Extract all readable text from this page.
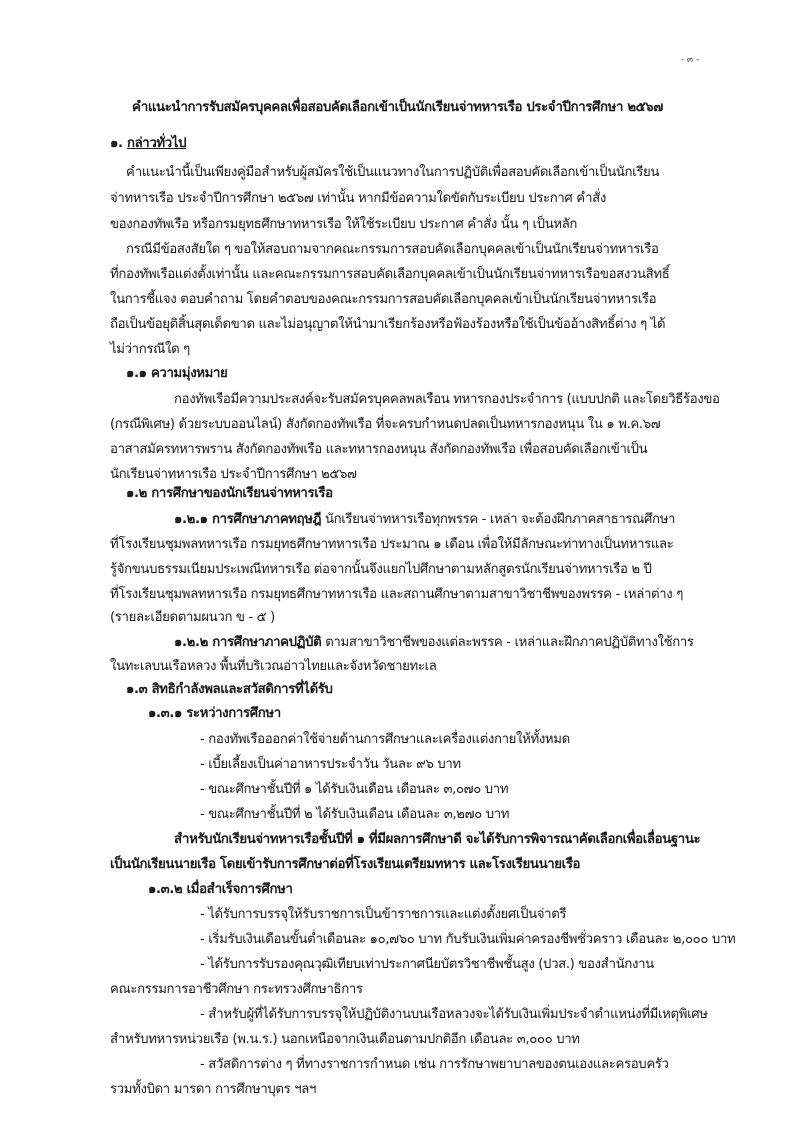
- ๓ -
คำแนะนำการรับสมัครบุคคลเพื่อสอบคัดเลือกเข้าเป็นนักเรียนจ่าทหารเรือ ประจำปีการศึกษา ๒๕๖๗
๑. กล่าวทั่วไป
คำแนะนำนี้เป็นเพียงคู่มือสำหรับผู้สมัครใช้เป็นแนวทางในการปฏิบัติเพื่อสอบคัดเลือกเข้าเป็นนักเรียน
จ่าทหารเรือ ประจำปีการศึกษา ๒๕๖๗ เท่านั้น หากมีข้อความใดขัดกับระเบียบ ประกาศ คำสั่ง
ของกองทัพเรือ หรือกรมยุทธศึกษาทหารเรือ ให้ใช้ระเบียบ ประกาศ คำสั่ง นั้น ๆ เป็นหลัก
กรณีมีข้อสงสัยใด ๆ ขอให้สอบถามจากคณะกรรมการสอบคัดเลือกบุคคลเข้าเป็นนักเรียนจ่าทหารเรือ
ที่กองทัพเรือแต่งตั้งเท่านั้น และคณะกรรมการสอบคัดเลือกบุคคลเข้าเป็นนักเรียนจ่าทหารเรือขอสงวนสิทธิ์
ในการชี้แจง ตอบคำถาม โดยคำตอบของคณะกรรมการสอบคัดเลือกบุคคลเข้าเป็นนักเรียนจ่าทหารเรือ
ถือเป็นข้อยุติสิ้นสุดเด็ดขาด และไม่อนุญาตให้นำมาเรียกร้องหรือฟ้องร้องหรือใช้เป็นข้ออ้างสิทธิ์ต่าง ๆ ได้
ไม่ว่ากรณีใด ๆ
๑.๑ ความมุ่งหมาย
กองทัพเรือมีความประสงค์จะรับสมัครบุคคลพลเรือน ทหารกองประจำการ (แบบปกติ และโดยวิธีร้องขอ
(กรณีพิเศษ) ด้วยระบบออนไลน์) สังกัดกองทัพเรือ ที่จะครบกำหนดปลดเป็นทหารกองหนุน ใน ๑ พ.ค.๖๗
อาสาสมัครทหารพราน สังกัดกองทัพเรือ และทหารกองหนุน สังกัดกองทัพเรือ เพื่อสอบคัดเลือกเข้าเป็น
นักเรียนจ่าทหารเรือ ประจำปีการศึกษา ๒๕๖๗
๑.๒ การศึกษาของนักเรียนจ่าทหารเรือ
๑.๒.๑ การศึกษาภาคทฤษฎี นักเรียนจ่าทหารเรือทุกพรรค - เหล่า จะต้องฝึกภาคสาธารณศึกษา
ที่โรงเรียนชุมพลทหารเรือ กรมยุทธศึกษาทหารเรือ ประมาณ ๑ เดือน เพื่อให้มีลักษณะท่าทางเป็นทหารและ
รู้จักขนบธรรมเนียมประเพณีทหารเรือ ต่อจากนั้นจึงแยกไปศึกษาตามหลักสูตรนักเรียนจ่าทหารเรือ ๒ ปี
ที่โรงเรียนชุมพลทหารเรือ กรมยุทธศึกษาทหารเรือ และสถานศึกษาตามสาขาวิชาชีพของพรรค - เหล่าต่าง ๆ
(รายละเอียดตามผนวก ข - ๕ )
๑.๒.๒ การศึกษาภาคปฏิบัติ ตามสาขาวิชาชีพของแต่ละพรรค - เหล่าและฝึกภาคปฏิบัติทางใช้การ
ในทะเลบนเรือหลวง พื้นที่บริเวณอ่าวไทยและจังหวัดชายทะเล
๑.๓ สิทธิกำลังพลและสวัสดิการที่ได้รับ
๑.๓.๑ ระหว่างการศึกษา
- กองทัพเรือออกค่าใช้จ่ายด้านการศึกษาและเครื่องแต่งกายให้ทั้งหมด
- เบี้ยเลี้ยงเป็นค่าอาหารประจำวัน วันละ ๙๖ บาท
- ขณะศึกษาชั้นปีที่ ๑ ได้รับเงินเดือน เดือนละ ๓,๐๗๐ บาท
- ขณะศึกษาชั้นปีที่ ๒ ได้รับเงินเดือน เดือนละ ๓,๒๗๐ บาท
สำหรับนักเรียนจ่าทหารเรือชั้นปีที่ ๑ ที่มีผลการศึกษาดี จะได้รับการพิจารณาคัดเลือกเพื่อเลื่อนฐานะ
เป็นนักเรียนนายเรือ โดยเข้ารับการศึกษาต่อที่โรงเรียนเตรียมทหาร และโรงเรียนนายเรือ
๑.๓.๒ เมื่อสำเร็จการศึกษา
- ได้รับการบรรจุให้รับราชการเป็นข้าราชการและแต่งตั้งยศเป็นจ่าตรี
- เริ่มรับเงินเดือนขั้นต่ำเดือนละ ๑๐,๗๖๐ บาท กับรับเงินเพิ่มค่าครองชีพชั่วคราว เดือนละ ๒,๐๐๐ บาท
- ได้รับการรับรองคุณวุฒิเทียบเท่าประกาศนียบัตรวิชาชีพชั้นสูง (ปวส.) ของสำนักงาน
คณะกรรมการอาชีวศึกษา กระทรวงศึกษาธิการ
- สำหรับผู้ที่ได้รับการบรรจุให้ปฏิบัติงานบนเรือหลวงจะได้รับเงินเพิ่มประจำตำแหน่งที่มีเหตุพิเศษ
สำหรับทหารหน่วยเรือ (พ.น.ร.) นอกเหนือจากเงินเดือนตามปกติอีก เดือนละ ๓,๐๐๐ บาท
- สวัสดิการต่าง ๆ ที่ทางราชการกำหนด เช่น การรักษาพยาบาลของตนเองและครอบครัว
รวมทั้งบิดา มารดา การศึกษาบุตร ฯลฯ
